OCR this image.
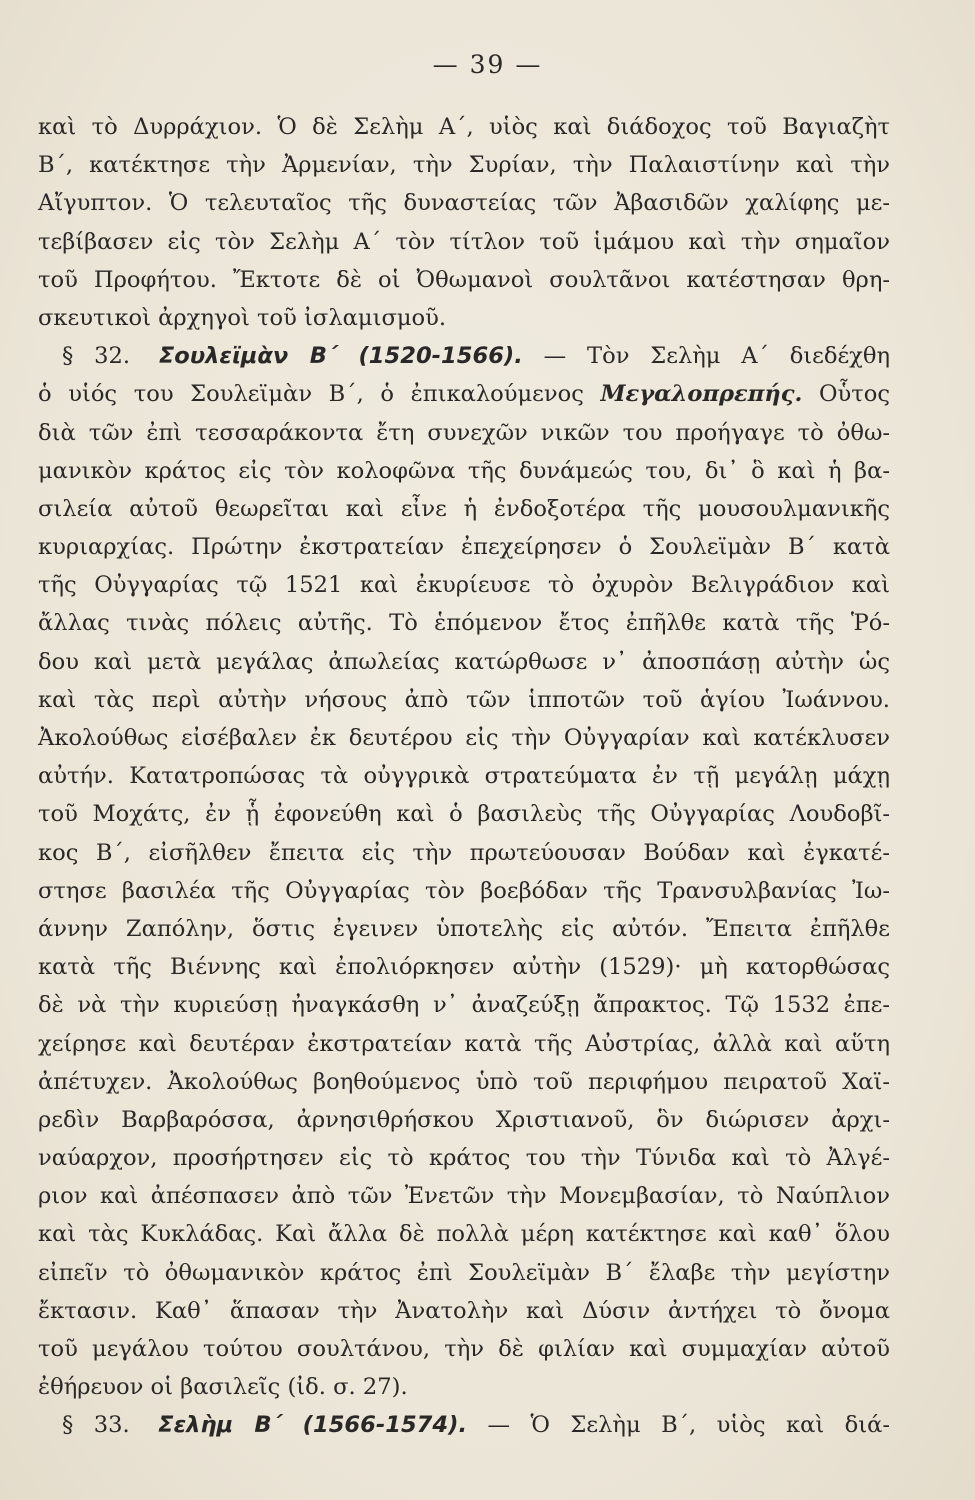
— 39 —
καὶ τὸ Δυρράχιον. Ὁ δὲ Σελὴμ Α΄, υἱὸς καὶ διάδοχος τοῦ Βαγιαζὴτ
Β΄, κατέκτησε τὴν Ἀρμενίαν, τὴν Συρίαν, τὴν Παλαιστίνην καὶ τὴν
Αἴγυπτον. Ὁ τελευταῖος τῆς δυναστείας τῶν Ἀβασιδῶν χαλίφης με-
τεβίβασεν εἰς τὸν Σελὴμ Α΄ τὸν τίτλον τοῦ ἱμάμου καὶ τὴν σημαῖον
τοῦ Προφήτου. Ἔκτοτε δὲ οἱ Ὀθωμανοὶ σουλτᾶνοι κατέστησαν θρη-
σκευτικοὶ ἀρχηγοὶ τοῦ ἰσλαμισμοῦ.
§ 32. Σουλεϊμὰν Β΄ (1520-1566). — Τὸν Σελὴμ Α΄ διεδέχθη
ὁ υἱός του Σουλεϊμὰν Β΄, ὁ ἐπικαλούμενος Μεγαλοπρεπής. Οὗτος
διὰ τῶν ἐπὶ τεσσαράκοντα ἔτη συνεχῶν νικῶν του προήγαγε τὸ ὀθω-
μανικὸν κράτος εἰς τὸν κολοφῶνα τῆς δυνάμεώς του, δι᾽ ὃ καὶ ἡ βα-
σιλεία αὐτοῦ θεωρεῖται καὶ εἶνε ἡ ἐνδοξοτέρα τῆς μουσουλμανικῆς
κυριαρχίας. Πρώτην ἐκστρατείαν ἐπεχείρησεν ὁ Σουλεϊμὰν Β΄ κατὰ
τῆς Οὐγγαρίας τῷ 1521 καὶ ἐκυρίευσε τὸ ὀχυρὸν Βελιγράδιον καὶ
ἄλλας τινὰς πόλεις αὐτῆς. Τὸ ἑπόμενον ἔτος ἐπῆλθε κατὰ τῆς Ῥό-
δου καὶ μετὰ μεγάλας ἀπωλείας κατώρθωσε ν᾽ ἀποσπάσῃ αὐτὴν ὡς
καὶ τὰς περὶ αὐτὴν νήσους ἀπὸ τῶν ἱπποτῶν τοῦ ἁγίου Ἰωάννου.
Ἀκολούθως εἰσέβαλεν ἐκ δευτέρου εἰς τὴν Οὐγγαρίαν καὶ κατέκλυσεν
αὐτήν. Κατατροπώσας τὰ οὐγγρικὰ στρατεύματα ἐν τῇ μεγάλῃ μάχῃ
τοῦ Μοχάτς, ἐν ᾗ ἐφονεύθη καὶ ὁ βασιλεὺς τῆς Οὐγγαρίας Λουδοβῖ-
κος Β΄, εἰσῆλθεν ἔπειτα εἰς τὴν πρωτεύουσαν Βούδαν καὶ ἐγκατέ-
στησε βασιλέα τῆς Οὐγγαρίας τὸν βοεβόδαν τῆς Τρανσυλβανίας Ἰω-
άννην Ζαπόλην, ὅστις ἐγεινεν ὑποτελὴς εἰς αὐτόν. Ἔπειτα ἐπῆλθε
κατὰ τῆς Βιέννης καὶ ἐπολιόρκησεν αὐτὴν (1529)· μὴ κατορθώσας
δὲ νὰ τὴν κυριεύσῃ ἠναγκάσθη ν᾽ ἀναζεύξῃ ἄπρακτος. Τῷ 1532 ἐπε-
χείρησε καὶ δευτέραν ἐκστρατείαν κατὰ τῆς Αὐστρίας, ἀλλὰ καὶ αὕτη
ἀπέτυχεν. Ἀκολούθως βοηθούμενος ὑπὸ τοῦ περιφήμου πειρατοῦ Χαϊ-
ρεδὶν Βαρβαρόσσα, ἀρνησιθρήσκου Χριστιανοῦ, ὃν διώρισεν ἀρχι-
ναύαρχον, προσήρτησεν εἰς τὸ κράτος του τὴν Τύνιδα καὶ τὸ Ἀλγέ-
ριον καὶ ἀπέσπασεν ἀπὸ τῶν Ἐνετῶν τὴν Μονεμβασίαν, τὸ Ναύπλιον
καὶ τὰς Κυκλάδας. Καὶ ἄλλα δὲ πολλὰ μέρη κατέκτησε καὶ καθ᾽ ὅλου
εἰπεῖν τὸ ὀθωμανικὸν κράτος ἐπὶ Σουλεϊμὰν Β΄ ἔλαβε τὴν μεγίστην
ἔκτασιν. Καθ᾽ ἅπασαν τὴν Ἀνατολὴν καὶ Δύσιν ἀντήχει τὸ ὄνομα
τοῦ μεγάλου τούτου σουλτάνου, τὴν δὲ φιλίαν καὶ συμμαχίαν αὐτοῦ
ἐθήρευον οἱ βασιλεῖς (ἰδ. σ. 27).
§ 33. Σελὴμ Β΄ (1566-1574). — Ὁ Σελὴμ Β΄, υἱὸς καὶ διά-
